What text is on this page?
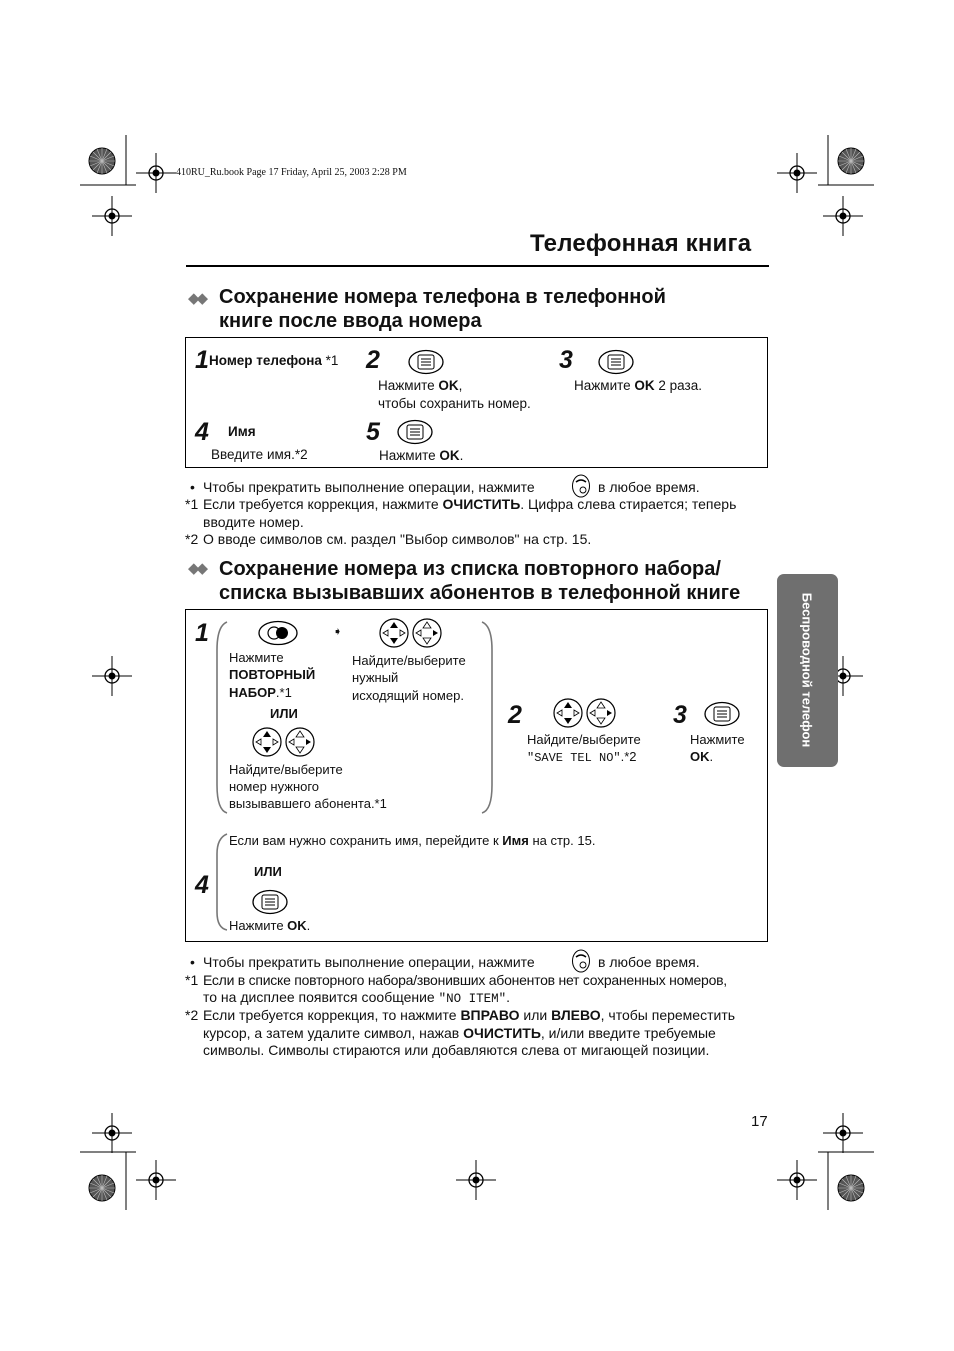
410RU_Ru.book Page 17 Friday, April 25, 2003 2:28 PM
Телефонная книга
◆◆ Сохранение номера телефона в телефонной
книге после ввода номера
1 Номер телефона *1 2
Нажмите OK,
чтобы сохранить номер.
3
Нажмите OK 2 раза.
4 Имя
Введите имя.*2
5
Нажмите OK.
• Чтобы прекратить выполнение операции, нажмите	в любое время.
*1 Если требуется коррекция, нажмите ОЧИСТИТЬ. Цифра слева стирается; теперь
вводите номер.
*2 О вводе символов см. раздел "Выбор символов" на стр. 15.
◆◆ Сохранение номера из списка повторного набора/
списка вызывавших абонентов в телефонной книге
1	➧
Нажмите
ПОВТОРНЫЙ
НАБОР.*1
Найдите/выберите
нужный
исходящий номер.
ИЛИ
Найдите/выберите
номер нужного
вызывавшего абонента.*1
2
Найдите/выберите
"SAVE TEL NO".*2
3
Нажмите
OK.
4
Если вам нужно сохранить имя, перейдите к Имя на стр. 15.
ИЛИ
Нажмите OK.
• Чтобы прекратить выполнение операции, нажмите	в любое время.
*1 Если в списке повторного набора/звонивших абонентов нет сохраненных номеров,
то на дисплее появится сообщение "NO ITEM".
*2 Если требуется коррекция, то нажмите ВПРАВО или ВЛЕВО, чтобы переместить
курсор, а затем удалите символ, нажав ОЧИСТИТЬ, и/или введите требуемые
символы. Символы стираются или добавляются слева от мигающей позиции.
Беспроводной телефон
17
